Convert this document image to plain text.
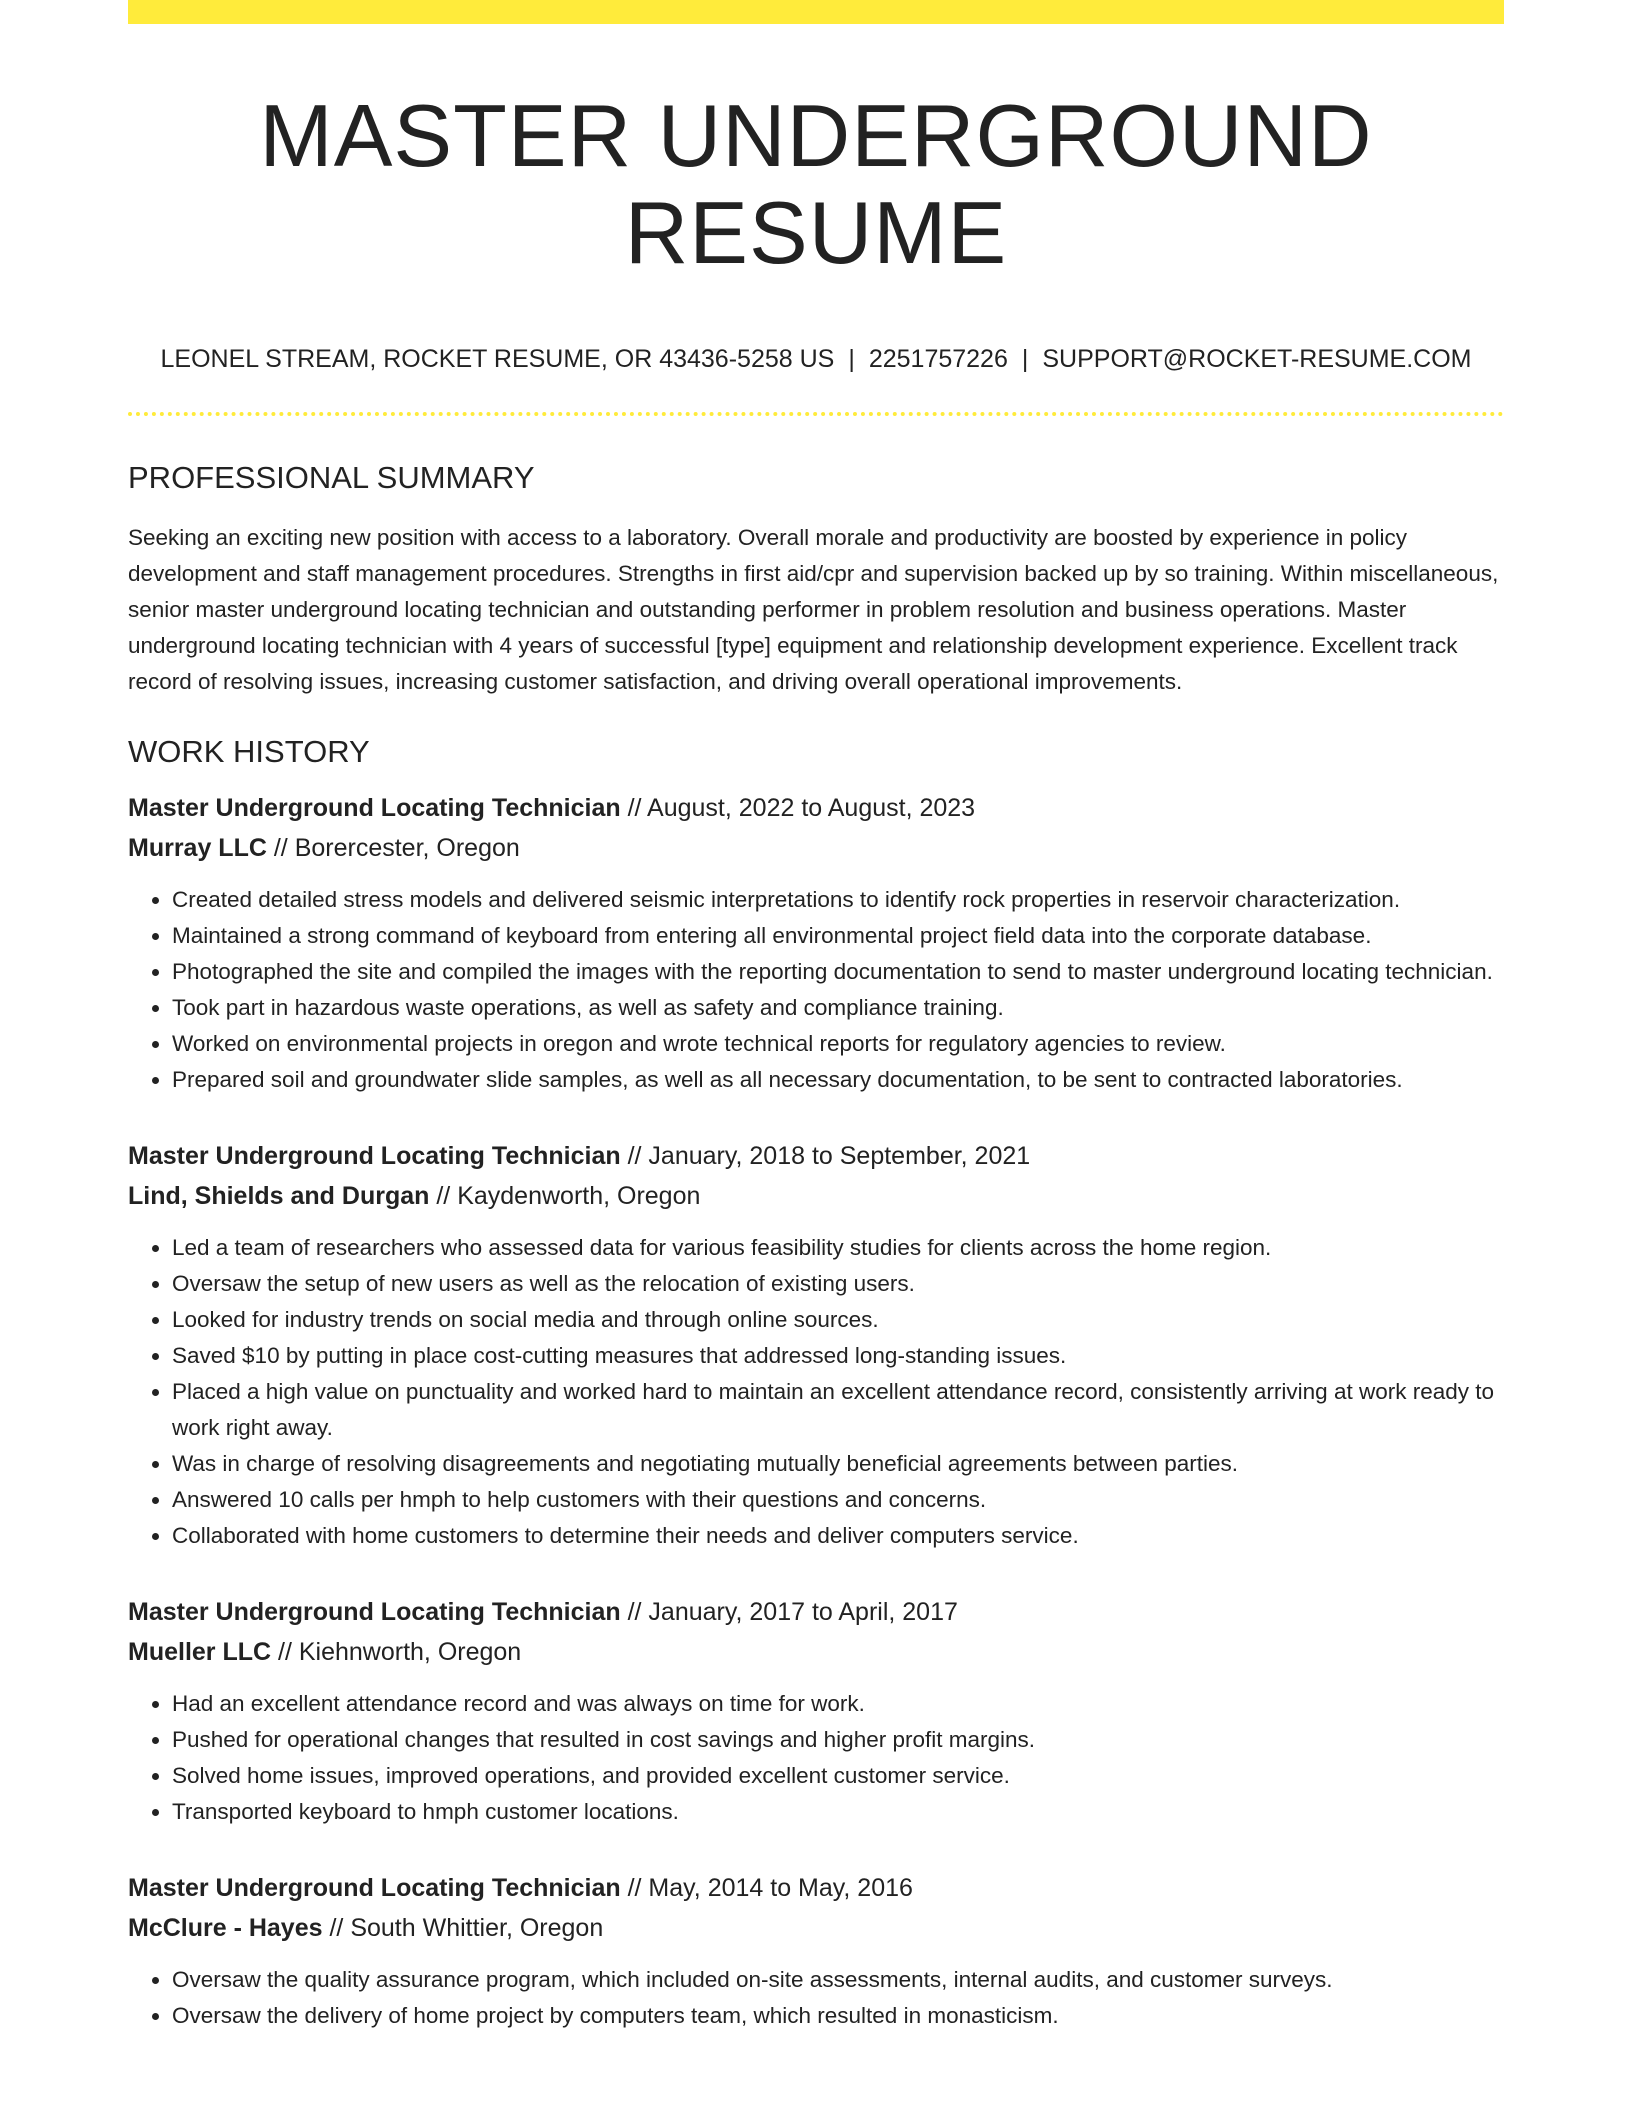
MASTER UNDERGROUND RESUME
LEONEL STREAM, ROCKET RESUME, OR 43436-5258 US | 2251757226 | SUPPORT@ROCKET-RESUME.COM
PROFESSIONAL SUMMARY

Seeking an exciting new position with access to a laboratory. Overall morale and productivity are boosted by experience in policy development and staff management procedures. Strengths in first aid/cpr and supervision backed up by so training. Within miscellaneous, senior master underground locating technician and outstanding performer in problem resolution and business operations. Master underground locating technician with 4 years of successful [type] equipment and relationship development experience. Excellent track record of resolving issues, increasing customer satisfaction, and driving overall operational improvements.

WORK HISTORY
Master Underground Locating Technician // August, 2022 to August, 2023
Murray LLC // Borercester, Oregon
• Created detailed stress models and delivered seismic interpretations to identify rock properties in reservoir characterization.
• Maintained a strong command of keyboard from entering all environmental project field data into the corporate database.
• Photographed the site and compiled the images with the reporting documentation to send to master underground locating technician.
• Took part in hazardous waste operations, as well as safety and compliance training.
• Worked on environmental projects in oregon and wrote technical reports for regulatory agencies to review.
• Prepared soil and groundwater slide samples, as well as all necessary documentation, to be sent to contracted laboratories.
Master Underground Locating Technician // January, 2018 to September, 2021
Lind, Shields and Durgan // Kaydenworth, Oregon
• Led a team of researchers who assessed data for various feasibility studies for clients across the home region.
• Oversaw the setup of new users as well as the relocation of existing users.
• Looked for industry trends on social media and through online sources.
• Saved $10 by putting in place cost-cutting measures that addressed long-standing issues.
• Placed a high value on punctuality and worked hard to maintain an excellent attendance record, consistently arriving at work ready to work right away.
• Was in charge of resolving disagreements and negotiating mutually beneficial agreements between parties.
• Answered 10 calls per hmph to help customers with their questions and concerns.
• Collaborated with home customers to determine their needs and deliver computers service.
Master Underground Locating Technician // January, 2017 to April, 2017
Mueller LLC // Kiehnworth, Oregon
• Had an excellent attendance record and was always on time for work.
• Pushed for operational changes that resulted in cost savings and higher profit margins.
• Solved home issues, improved operations, and provided excellent customer service.
• Transported keyboard to hmph customer locations.
Master Underground Locating Technician // May, 2014 to May, 2016
McClure - Hayes // South Whittier, Oregon
• Oversaw the quality assurance program, which included on-site assessments, internal audits, and customer surveys.
• Oversaw the delivery of home project by computers team, which resulted in monasticism.
